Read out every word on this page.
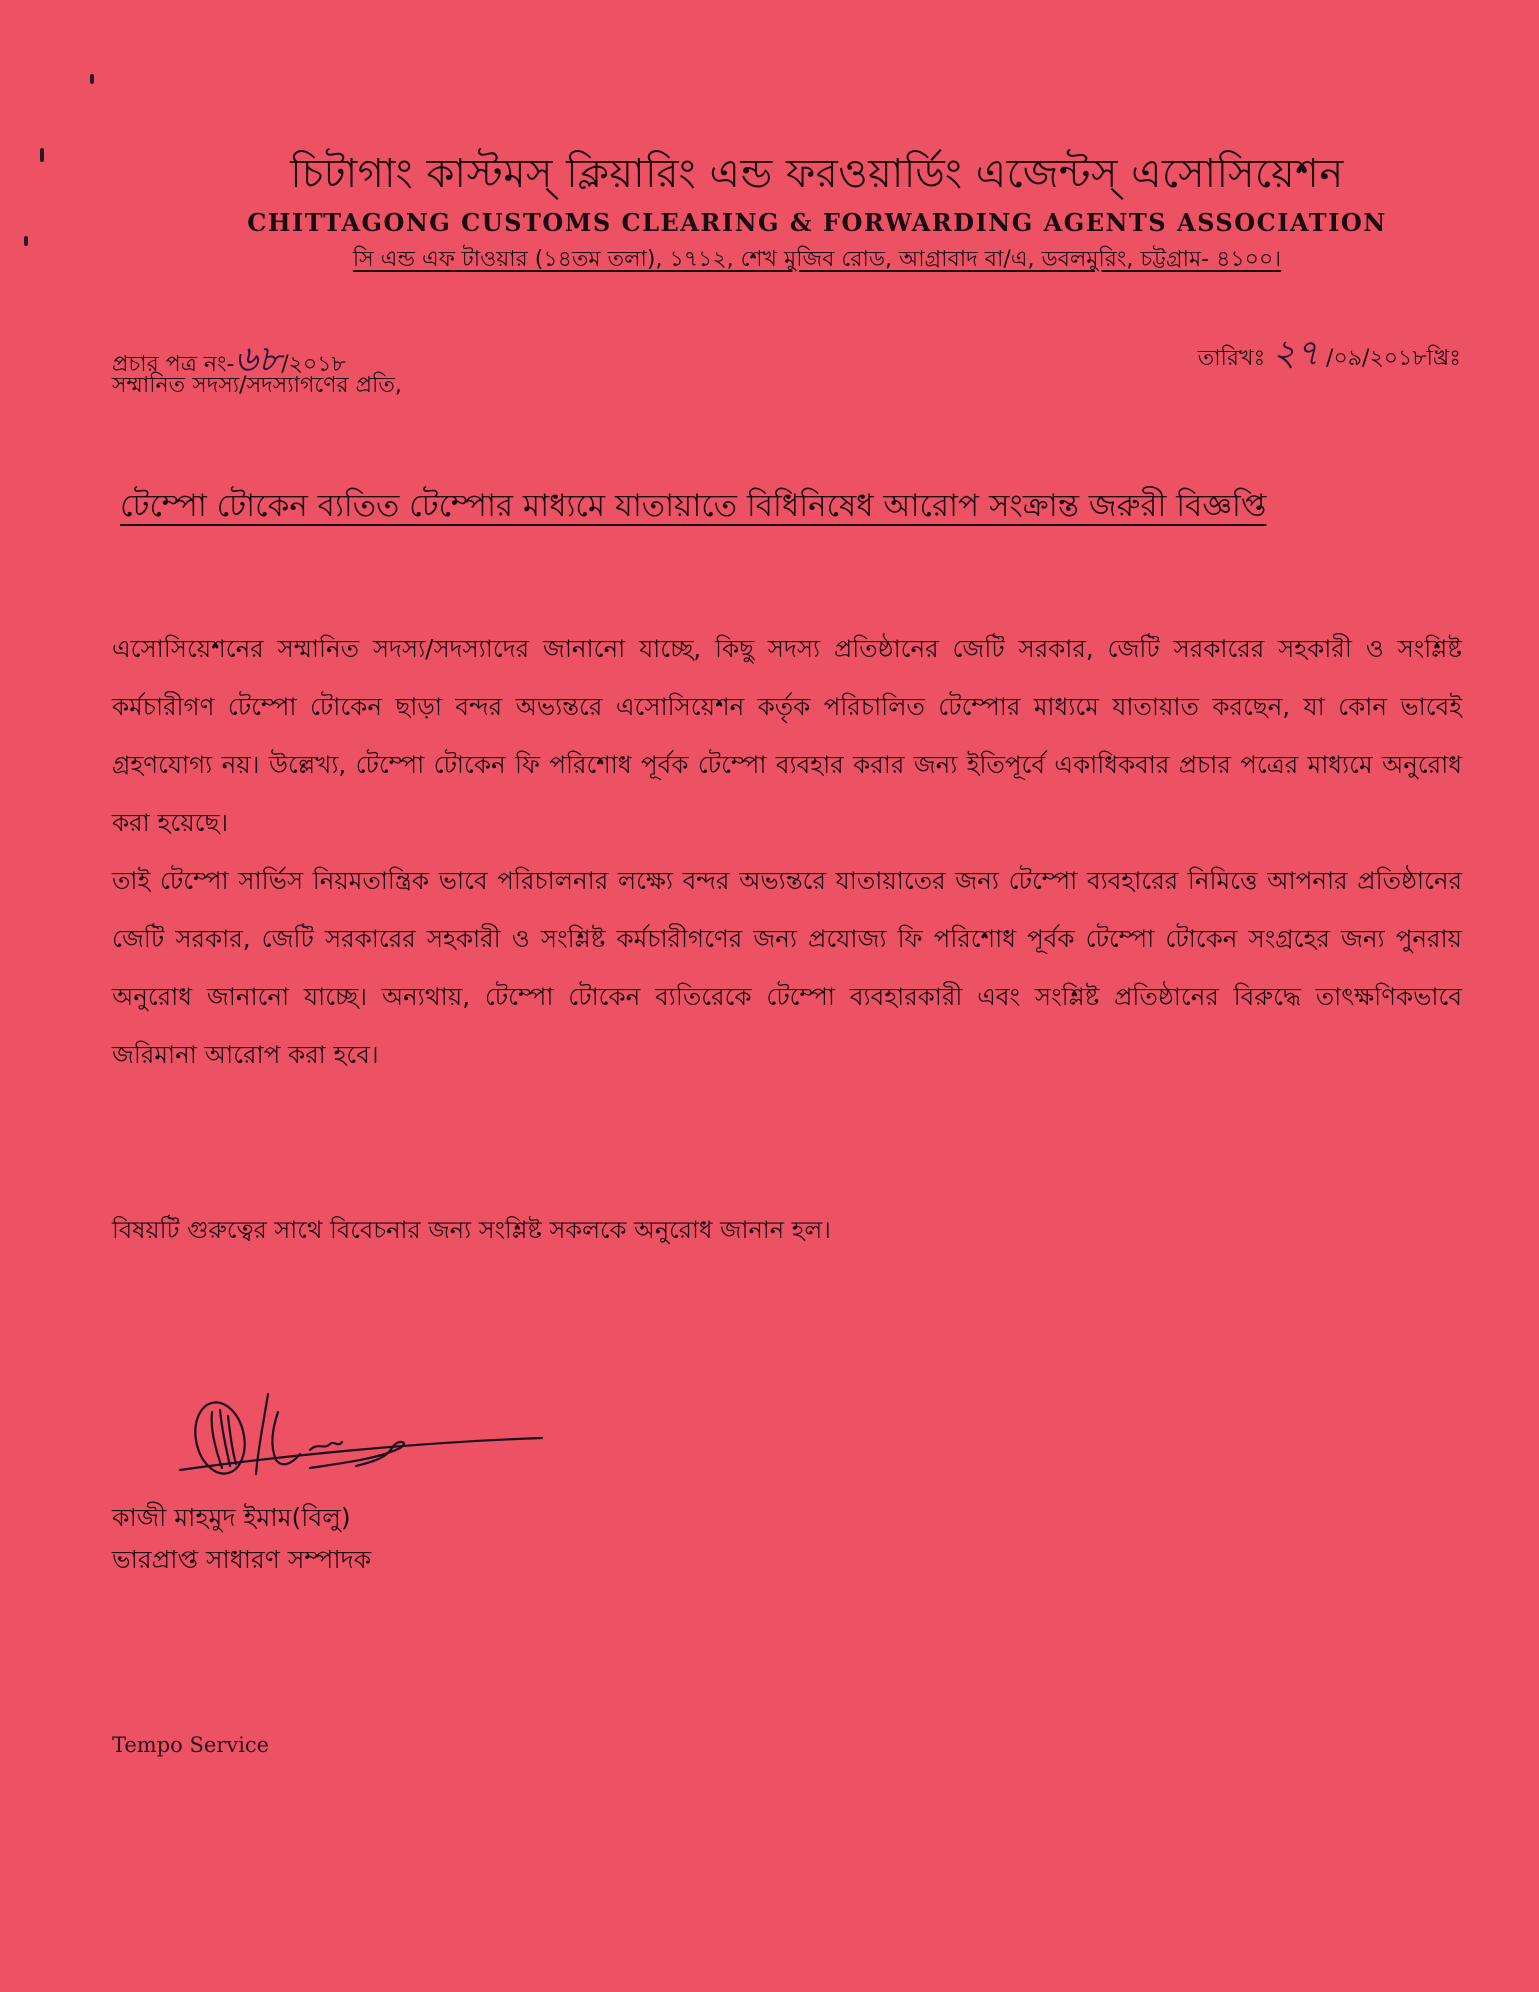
চিটাগাং কাস্টমস্ ক্লিয়ারিং এন্ড ফরওয়ার্ডিং এজেন্টস্ এসোসিয়েশন
CHITTAGONG CUSTOMS CLEARING & FORWARDING AGENTS ASSOCIATION
সি এন্ড এফ টাওয়ার (১৪তম তলা), ১৭১২, শেখ মুজিব রোড, আগ্রাবাদ বা/এ, ডবলমুরিং, চট্টগ্রাম- ৪১০০।
প্রচার পত্র নং-৬৮/২০১৮	তারিখঃ ২৭ /০৯/২০১৮খ্রিঃ
সম্মানিত সদস্য/সদস্যাগণের প্রতি,
টেম্পো টোকেন ব্যতিত টেম্পোর মাধ্যমে যাতায়াতে বিধিনিষেধ আরোপ সংক্রান্ত জরুরী বিজ্ঞপ্তি

এসোসিয়েশনের সম্মানিত সদস্য/সদস্যাদের জানানো যাচ্ছে, কিছু সদস্য প্রতিষ্ঠানের জেটি সরকার, জেটি সরকারের সহকারী ও সংশ্লিষ্ট কর্মচারীগণ টেম্পো টোকেন ছাড়া বন্দর অভ্যন্তরে এসোসিয়েশন কর্তৃক পরিচালিত টেম্পোর মাধ্যমে যাতায়াত করছেন, যা কোন ভাবেই গ্রহণযোগ্য নয়। উল্লেখ্য, টেম্পো টোকেন ফি পরিশোধ পূর্বক টেম্পো ব্যবহার করার জন্য ইতিপূর্বে একাধিকবার প্রচার পত্রের মাধ্যমে অনুরোধ করা হয়েছে।

তাই টেম্পো সার্ভিস নিয়মতান্ত্রিক ভাবে পরিচালনার লক্ষ্যে বন্দর অভ্যন্তরে যাতায়াতের জন্য টেম্পো ব্যবহারের নিমিত্তে আপনার প্রতিষ্ঠানের জেটি সরকার, জেটি সরকারের সহকারী ও সংশ্লিষ্ট কর্মচারীগণের জন্য প্রযোজ্য ফি পরিশোধ পূর্বক টেম্পো টোকেন সংগ্রহের জন্য পুনরায় অনুরোধ জানানো যাচ্ছে। অন্যথায়, টেম্পো টোকেন ব্যতিরেকে টেম্পো ব্যবহারকারী এবং সংশ্লিষ্ট প্রতিষ্ঠানের বিরুদ্ধে তাৎক্ষণিকভাবে জরিমানা আরোপ করা হবে।

বিষয়টি গুরুত্বের সাথে বিবেচনার জন্য সংশ্লিষ্ট সকলকে অনুরোধ জানান হল।
কাজী মাহমুদ ইমাম(বিলু)
ভারপ্রাপ্ত সাধারণ সম্পাদক
Tempo Service
